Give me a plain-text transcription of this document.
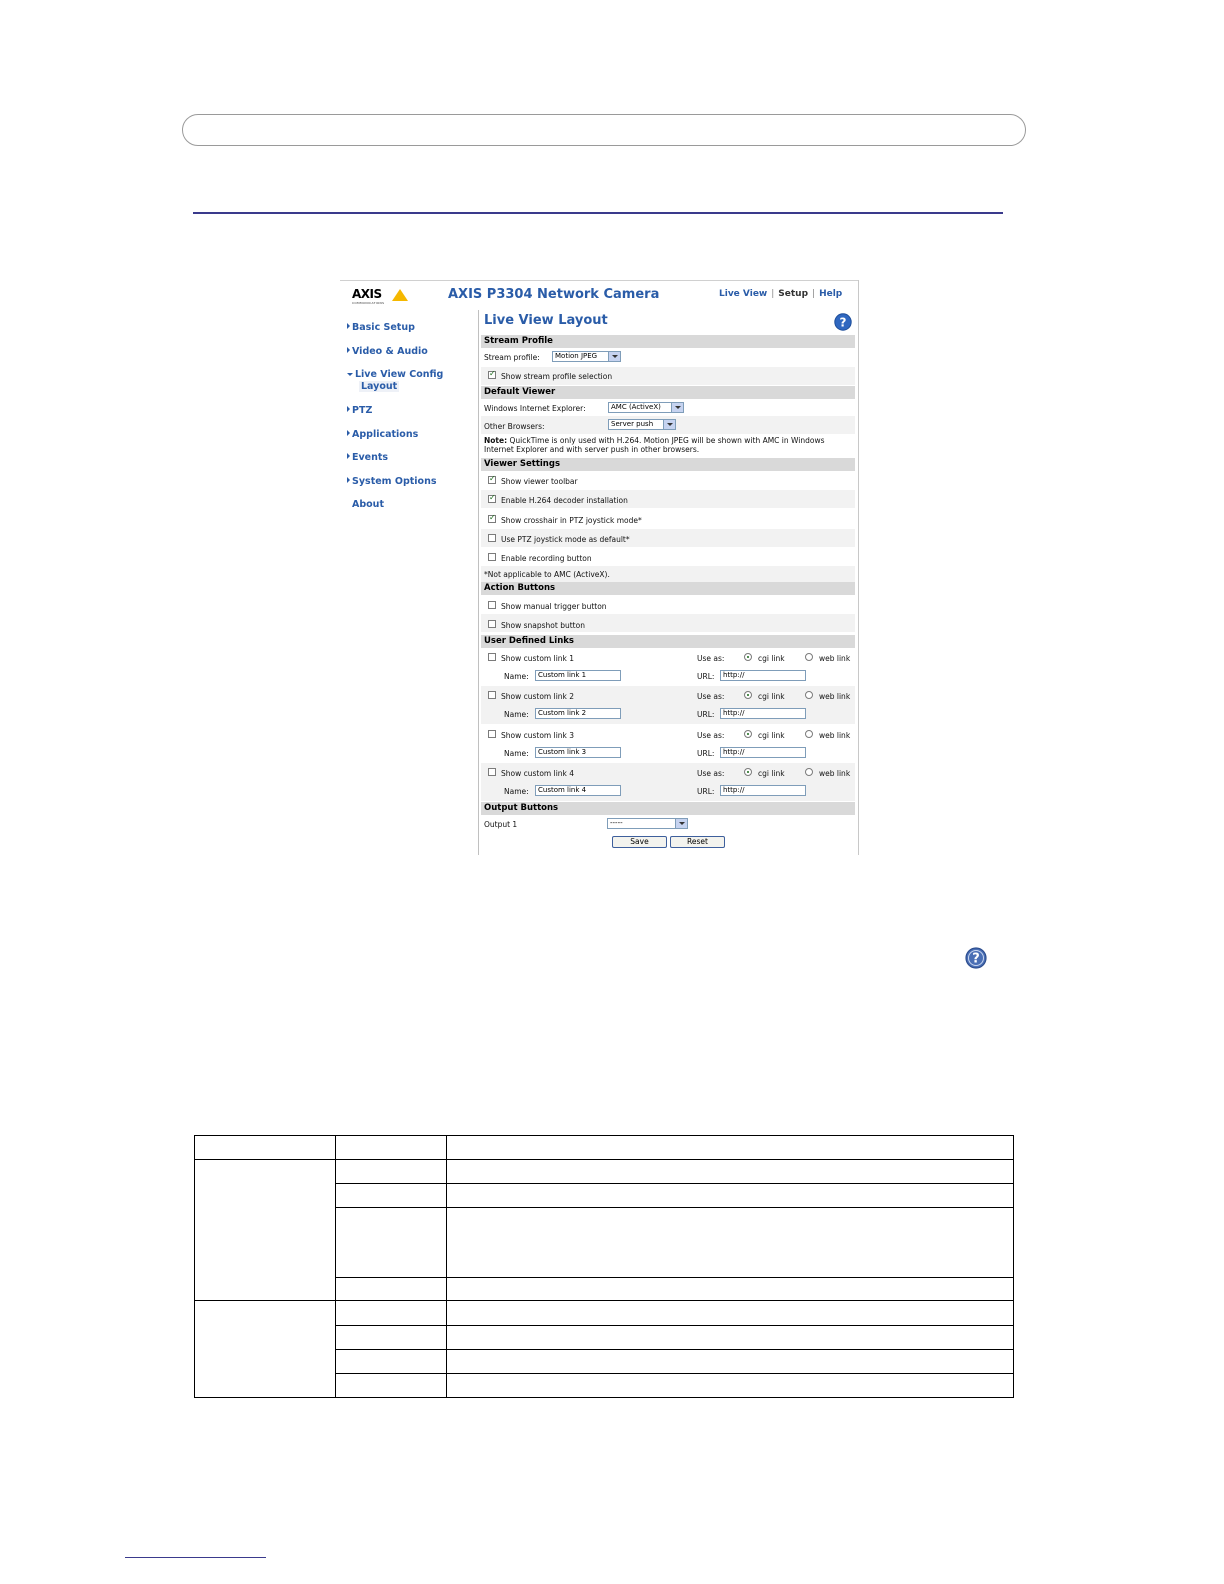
AXIS
COMMUNICATIONS
AXIS P3304 Network Camera	Live View | Setup | Help
Basic Setup
Video & Audio
Live View Config
Layout
PTZ
Applications
Events
System Options
About
Live View Layout	?
Stream Profile
Stream profile:	Motion JPEG
✓
Show stream profile selection
Default Viewer
Windows Internet Explorer:	AMC (ActiveX)
Other Browsers:	Server push
Note: QuickTime is only used with H.264. Motion JPEG will be shown with AMC in Windows
Internet Explorer and with server push in other browsers.
Viewer Settings
✓
Show viewer toolbar
✓
Enable H.264 decoder installation
✓
Show crosshair in PTZ joystick mode*
Use PTZ joystick mode as default*
Enable recording button
*Not applicable to AMC (ActiveX).
Action Buttons
Show manual trigger button
Show snapshot button
User Defined Links
Show custom link 1	Use as:	cgi link	web link
Name:	Custom link 1	URL:	http://
Show custom link 2	Use as:	cgi link	web link
Name:	Custom link 2	URL:	http://
Show custom link 3	Use as:	cgi link	web link
Name:	Custom link 3	URL:	http://
Show custom link 4	Use as:	cgi link	web link
Name:	Custom link 4	URL:	http://
Output Buttons
Output 1	-----
Save	Reset
?
